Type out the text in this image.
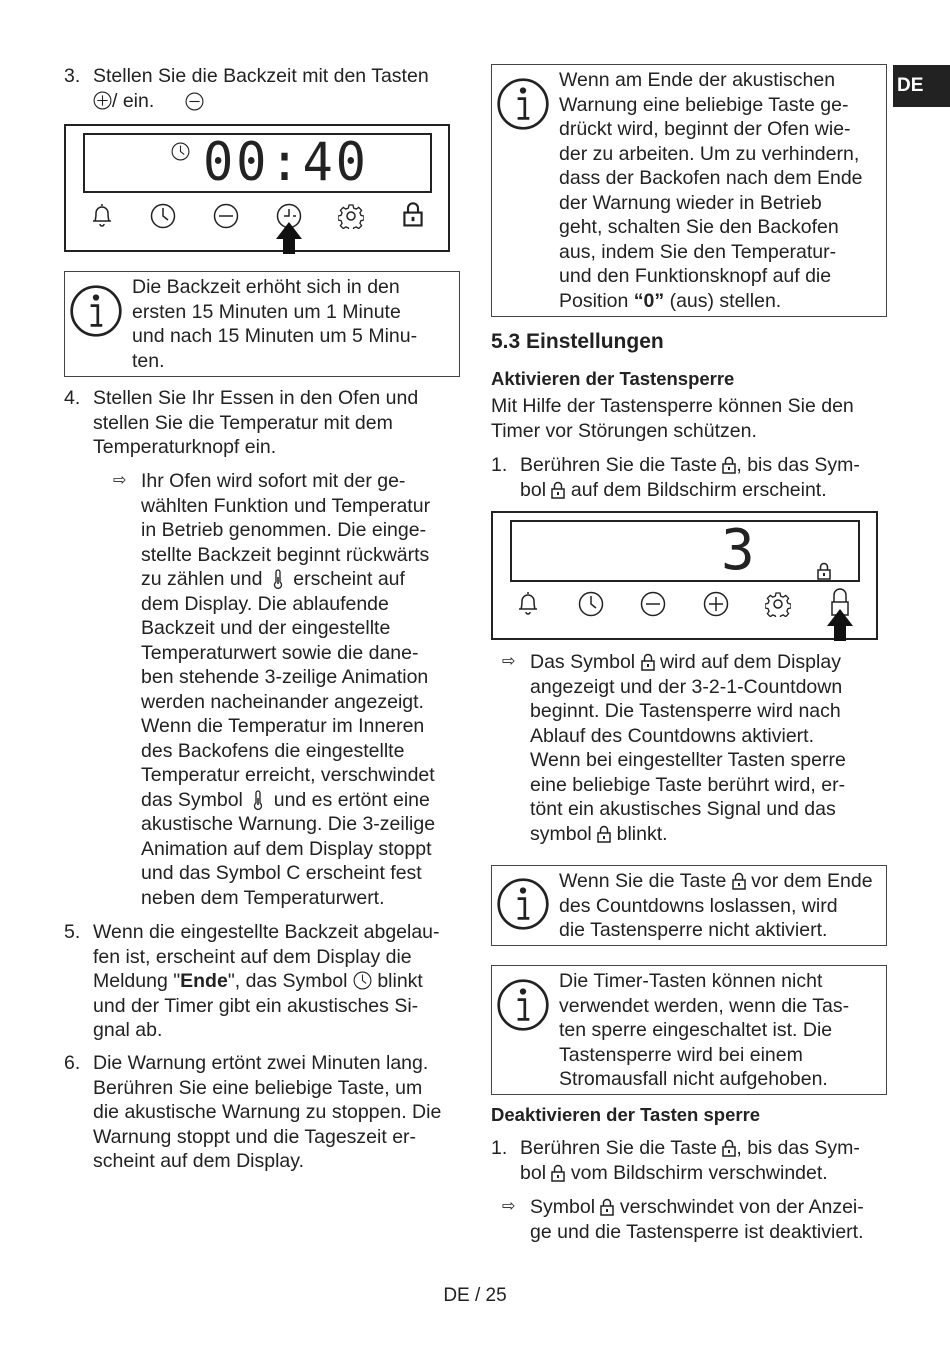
DE
3. Stellen Sie die Backzeit mit den Tasten
/ ein.
00:40
Die Backzeit erhöht sich in den
ersten 15 Minuten um 1 Minute
und nach 15 Minuten um 5 Minu-
ten.
4. Stellen Sie Ihr Essen in den Ofen und
stellen Sie die Temperatur mit dem
Temperaturknopf ein.
⇨ Ihr Ofen wird sofort mit der ge-
wählten Funktion und Temperatur
in Betrieb genommen. Die einge-
stellte Backzeit beginnt rückwärts
zu zählen und erscheint auf
dem Display. Die ablaufende
Backzeit und der eingestellte
Temperaturwert sowie die dane-
ben stehende 3-zeilige Animation
werden nacheinander angezeigt.
Wenn die Temperatur im Inneren
des Backofens die eingestellte
Temperatur erreicht, verschwindet
das Symbol und es ertönt eine
akustische Warnung. Die 3-zeilige
Animation auf dem Display stoppt
und das Symbol C erscheint fest
neben dem Temperaturwert.
5. Wenn die eingestellte Backzeit abgelau-
fen ist, erscheint auf dem Display die
Meldung "Ende", das Symbol blinkt
und der Timer gibt ein akustisches Si-
gnal ab.
6. Die Warnung ertönt zwei Minuten lang.
Berühren Sie eine beliebige Taste, um
die akustische Warnung zu stoppen. Die
Warnung stoppt und die Tageszeit er-
scheint auf dem Display.
Wenn am Ende der akustischen
Warnung eine beliebige Taste ge-
drückt wird, beginnt der Ofen wie-
der zu arbeiten. Um zu verhindern,
dass der Backofen nach dem Ende
der Warnung wieder in Betrieb
geht, schalten Sie den Backofen
aus, indem Sie den Temperatur-
und den Funktionsknopf auf die
Position “0” (aus) stellen.
5.3 Einstellungen
Aktivieren der Tastensperre
Mit Hilfe der Tastensperre können Sie den
Timer vor Störungen schützen.
1. Berühren Sie die Taste , bis das Sym-
bol auf dem Bildschirm erscheint.
3
⇨ Das Symbol wird auf dem Display
angezeigt und der 3-2-1-Countdown
beginnt. Die Tastensperre wird nach
Ablauf des Countdowns aktiviert.
Wenn bei eingestellter Tasten sperre
eine beliebige Taste berührt wird, er-
tönt ein akustisches Signal und das
symbol blinkt.
Wenn Sie die Taste vor dem Ende
des Countdowns loslassen, wird
die Tastensperre nicht aktiviert.
Die Timer-Tasten können nicht
verwendet werden, wenn die Tas-
ten sperre eingeschaltet ist. Die
Tastensperre wird bei einem
Stromausfall nicht aufgehoben.
Deaktivieren der Tasten sperre
1. Berühren Sie die Taste , bis das Sym-
bol vom Bildschirm verschwindet.
⇨ Symbol verschwindet von der Anzei-
ge und die Tastensperre ist deaktiviert.
DE / 25
